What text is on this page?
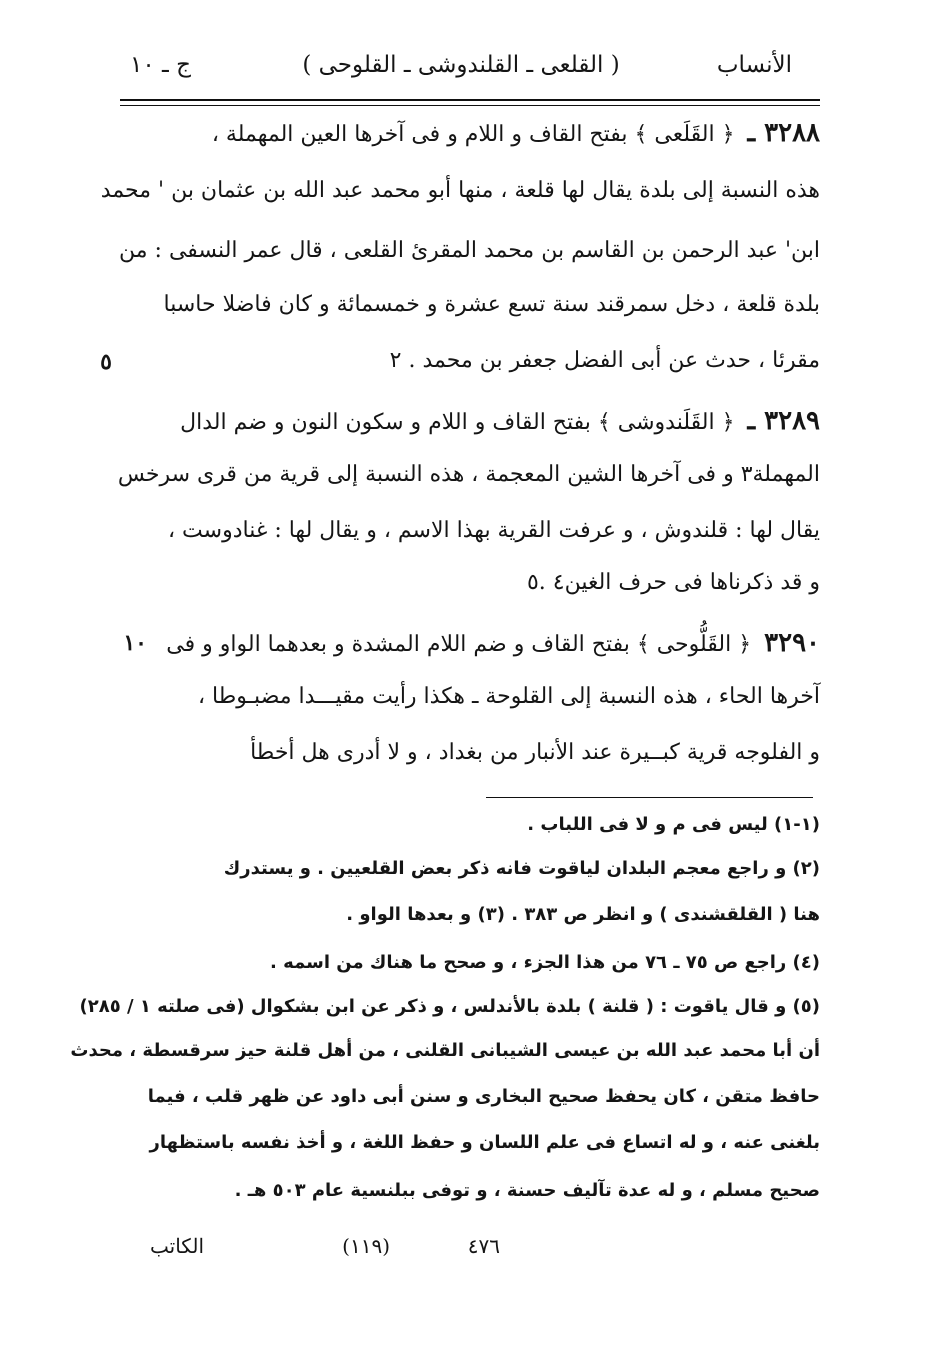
الأنساب
( القلعى ـ القلندوشى ـ القلوحى )
ج ـ ١٠
٣٢٨٨ ـ ﴿ القَلَعى ﴾ بفتح القاف و اللام و فى آخرها العين المهملة ،
هذه النسبة إلى بلدة يقال لها قلعة ، منها أبو محمد عبد الله بن عثمان بن ' محمد
ابن' عبد الرحمن بن القاسم بن محمد المقرئ القلعى ، قال عمر النسفى : من
بلدة قلعة ، دخل سمرقند سنة تسع عشرة و خمسمائة و كان فاضلا حاسبا
مقرئا ، حدث عن أبى الفضل جعفر بن محمد . ٢
٥
٣٢٨٩ ـ ﴿ القَلَندوشى ﴾ بفتح القاف و اللام و سكون النون و ضم الدال
المهملة٣ و فى آخرها الشين المعجمة ، هذه النسبة إلى قرية من قرى سرخس
يقال لها : قلندوش ، و عرفت القرية بهذا الاسم ، و يقال لها : غنادوست ،
و قد ذكرناها فى حرف الغين٤ .٥
٣٢٩٠ ﴿ القَلُّوحى ﴾ بفتح القاف و ضم اللام المشدة و بعدهما الواو و فى
١٠
آخرها الحاء ، هذه النسبة إلى القلوحة ـ هكذا رأيت مقيـــدا مضبـوطا ،
و الفلوجه قرية كبــيرة عند الأنبار من بغداد ، و لا أدرى هل أخطأ
(١-١) ليس فى م و لا فى اللباب .
(٢) و راجع معجم البلدان لياقوت فانه ذكر بعض القلعيين . و يستدرك
هنا ( القلقشندى ) و انظر ص ٣٨٣ . (٣) و بعدها الواو .
(٤) راجع ص ٧٥ ـ ٧٦ من هذا الجزء ، و صحح ما هناك من اسمه .
(٥) و قال ياقوت : ( قلنة ) بلدة بالأندلس ، و ذكر عن ابن بشكوال (فى صلته ١ / ٢٨٥)
أن أبا محمد عبد الله بن عيسى الشيبانى القلنى ، من أهل قلنة حيز سرقسطة ، محدث
حافظ متقن ، كان يحفظ صحيح البخارى و سنن أبى داود عن ظهر قلب ، فيما
بلغنى عنه ، و له اتساع فى علم اللسان و حفظ اللغة ، و أخذ نفسه باستظهار
صحيح مسلم ، و له عدة تآليف حسنة ، و توفى ببلنسية عام ٥٠٣ هـ .
٤٧٦
(١١٩)
الكاتب
